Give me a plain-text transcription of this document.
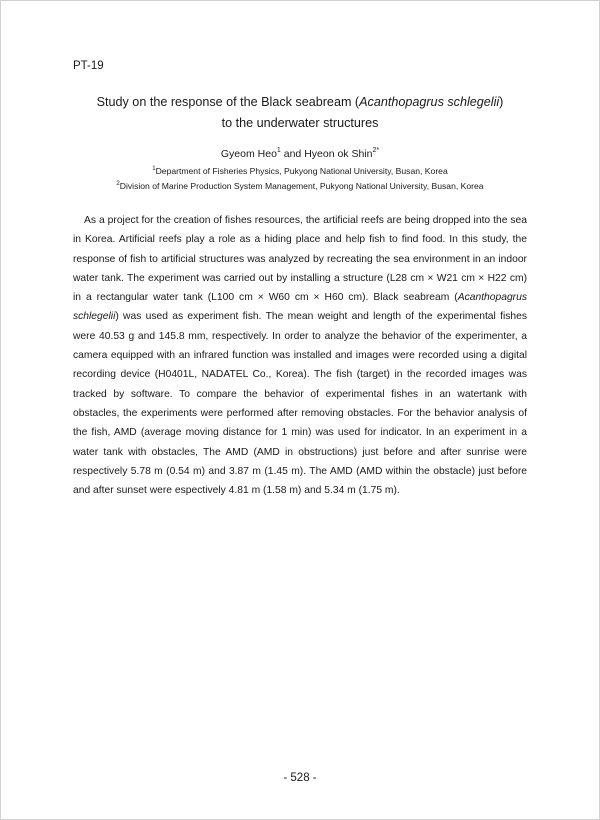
PT-19
Study on the response of the Black seabream (Acanthopagrus schlegelii)
to the underwater structures
Gyeom Heo$^1$ and Hyeon ok Shin$^{2*}$
$^1$Department of Fisheries Physics, Pukyong National University, Busan, Korea
$^2$Division of Marine Production System Management, Pukyong National University, Busan, Korea

As a project for the creation of fishes resources, the artificial reefs are being dropped into the sea in Korea. Artificial reefs play a role as a hiding place and help fish to find food. In this study, the response of fish to artificial structures was analyzed by recreating the sea environment in an indoor water tank. The experiment was carried out by installing a structure (L28 cm × W21 cm × H22 cm) in a rectangular water tank (L100 cm × W60 cm × H60 cm). Black seabream (Acanthopagrus schlegelii) was used as experiment fish. The mean weight and length of the experimental fishes were 40.53 g and 145.8 mm, respectively. In order to analyze the behavior of the experimenter, a camera equipped with an infrared function was installed and images were recorded using a digital recording device (H0401L, NADATEL Co., Korea). The fish (target) in the recorded images was tracked by software. To compare the behavior of experimental fishes in an watertank with obstacles, the experiments were performed after removing obstacles. For the behavior analysis of the fish, AMD (average moving distance for 1 min) was used for indicator. In an experiment in a water tank with obstacles, The AMD (AMD in obstructions) just before and after sunrise were respectively 5.78 m (0.54 m) and 3.87 m (1.45 m). The AMD (AMD within the obstacle) just before and after sunset were espectively 4.81 m (1.58 m) and 5.34 m (1.75 m).

- 528 -
